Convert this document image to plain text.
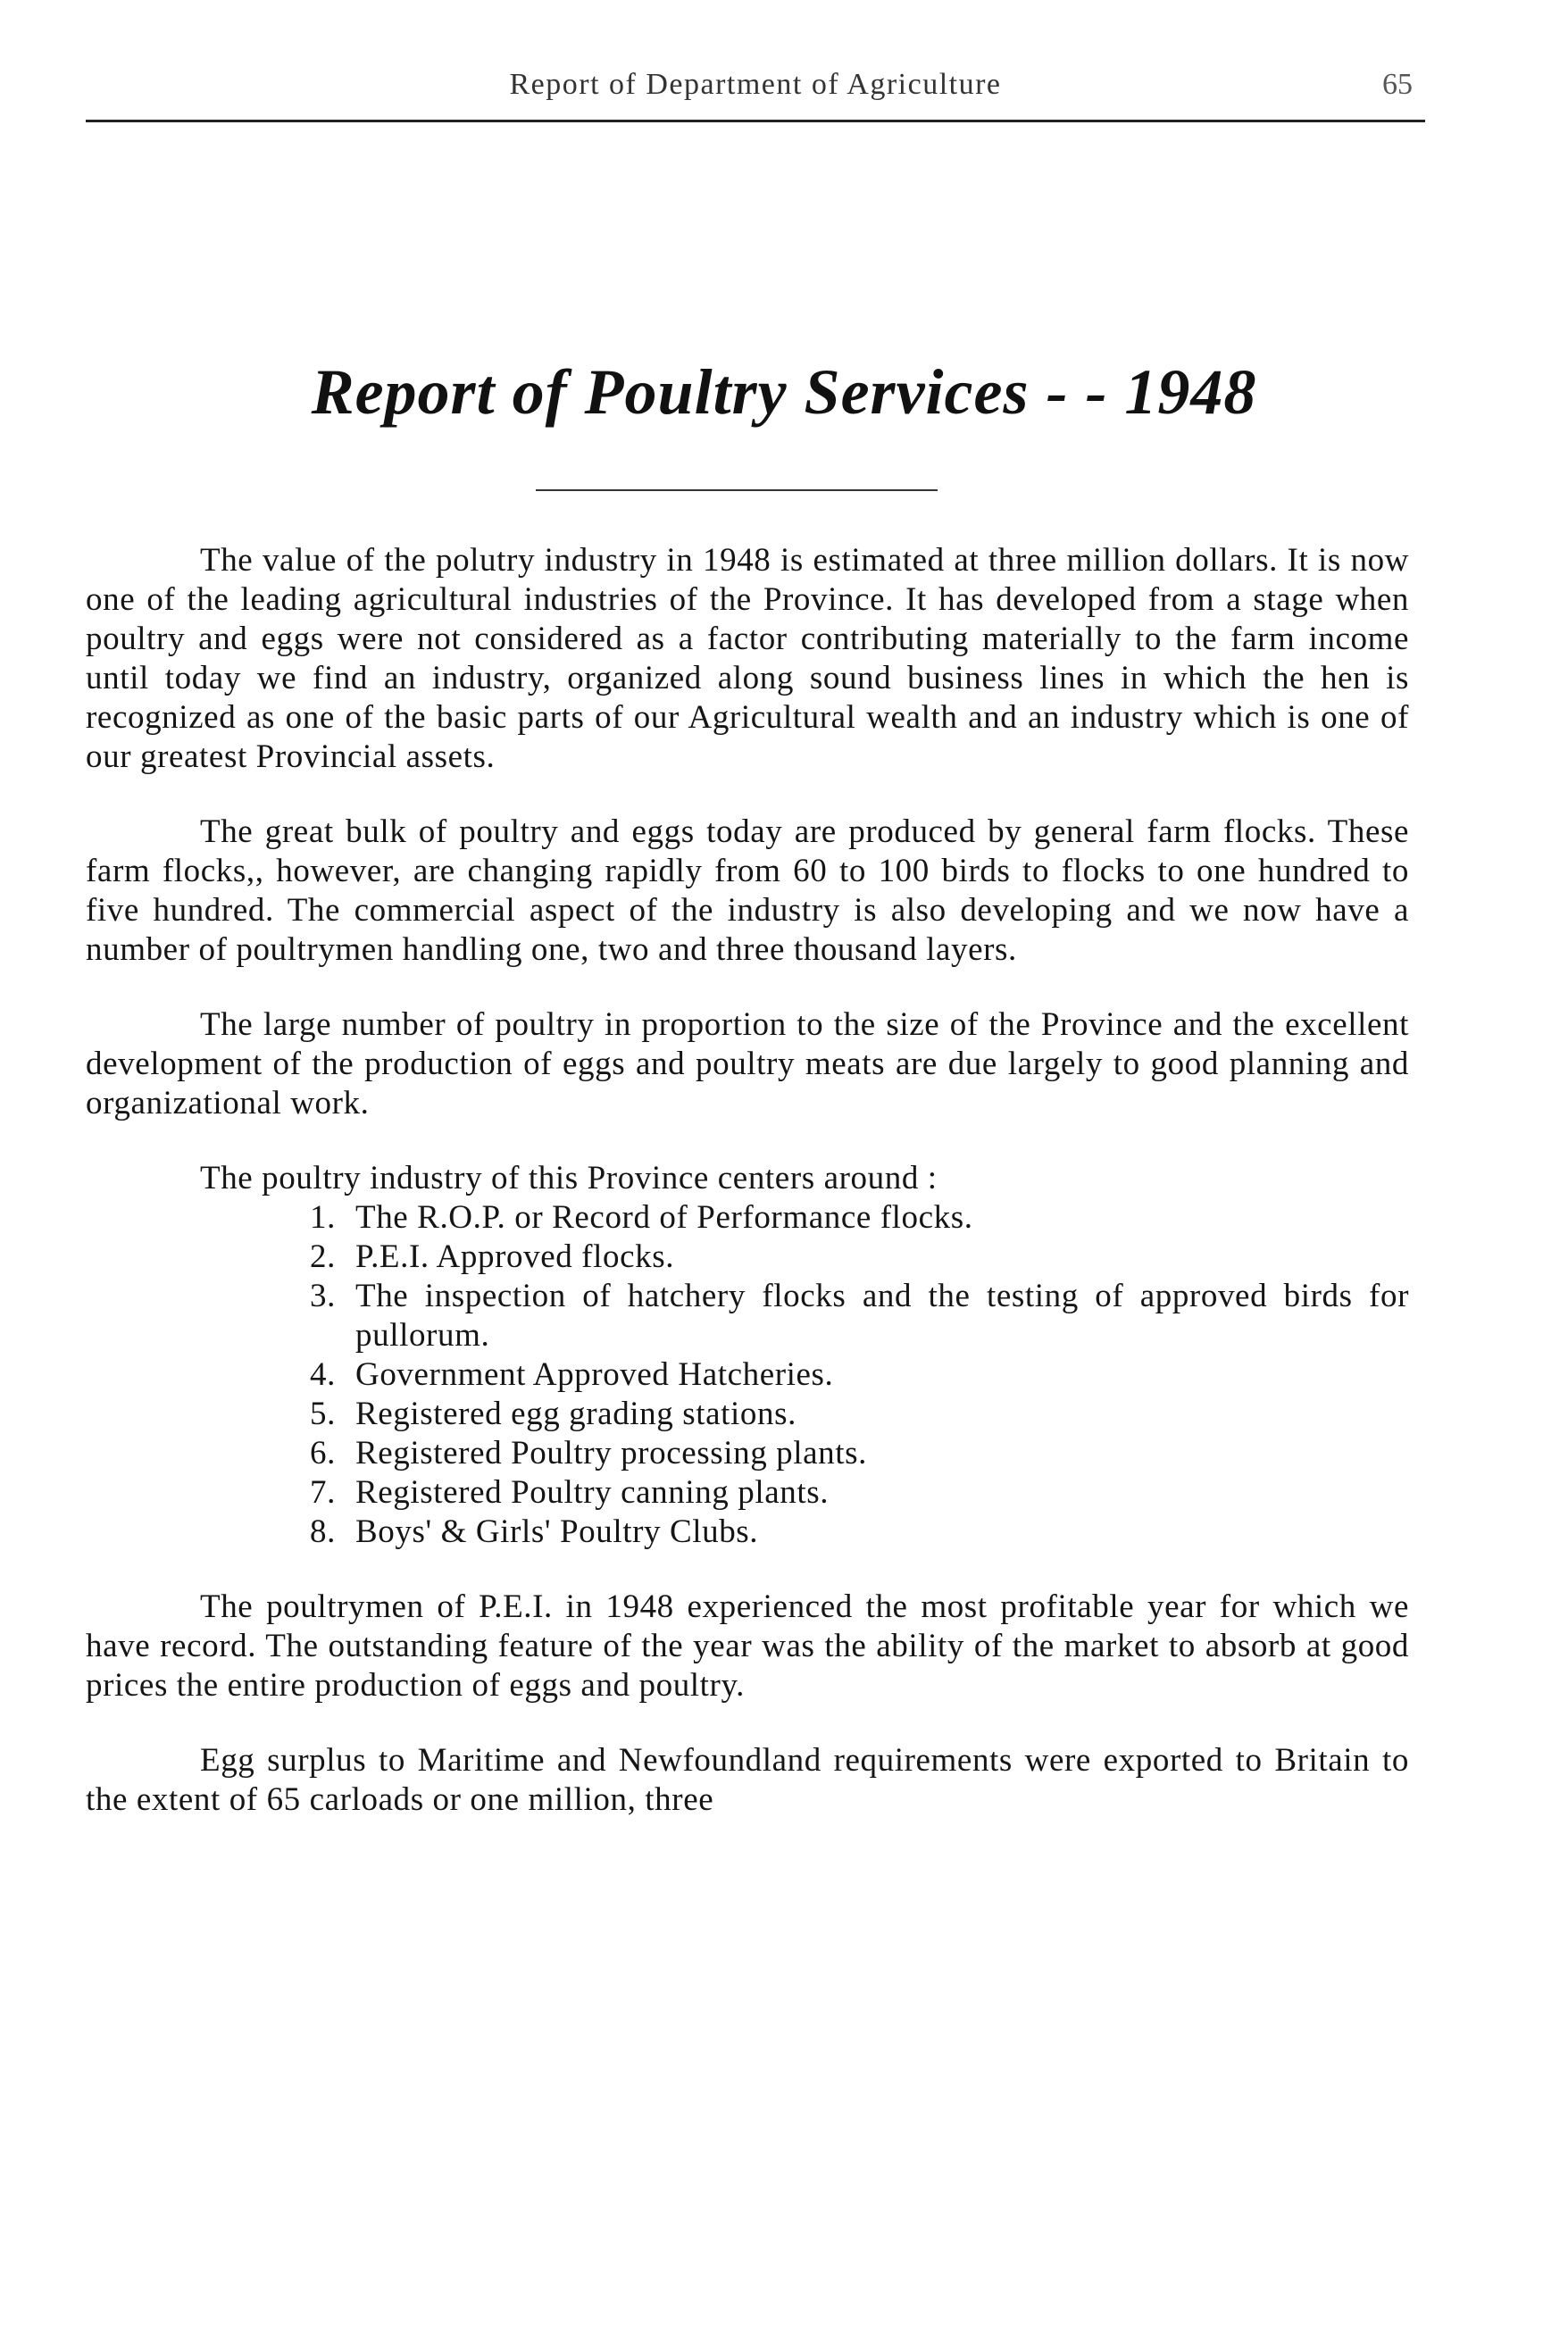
Report of Department of Agriculture	65
Report of Poultry Services - - 1948

The value of the polutry industry in 1948 is estimated at three million dollars. It is now one of the leading agricultural industries of the Province. It has developed from a stage when poultry and eggs were not considered as a factor contributing materially to the farm income until today we find an industry, organized along sound business lines in which the hen is recognized as one of the basic parts of our Agricultural wealth and an industry which is one of our greatest Provincial assets.

The great bulk of poultry and eggs today are produced by general farm flocks. These farm flocks,, however, are changing rapidly from 60 to 100 birds to flocks to one hundred to five hundred. The commercial aspect of the industry is also developing and we now have a number of poultrymen handling one, two and three thousand layers.

The large number of poultry in proportion to the size of the Province and the excellent development of the production of eggs and poultry meats are due largely to good planning and organizational work.

The poultry industry of this Province centers around :

1. The R.O.P. or Record of Performance flocks.
2. P.E.I. Approved flocks.
3. The inspection of hatchery flocks and the testing of approved birds for pullorum.
4. Government Approved Hatcheries.
5. Registered egg grading stations.
6. Registered Poultry processing plants.
7. Registered Poultry canning plants.
8. Boys' & Girls' Poultry Clubs.

The poultrymen of P.E.I. in 1948 experienced the most profitable year for which we have record. The outstanding feature of the year was the ability of the market to absorb at good prices the entire production of eggs and poultry.

Egg surplus to Maritime and Newfoundland requirements were exported to Britain to the extent of 65 carloads or one million, three
